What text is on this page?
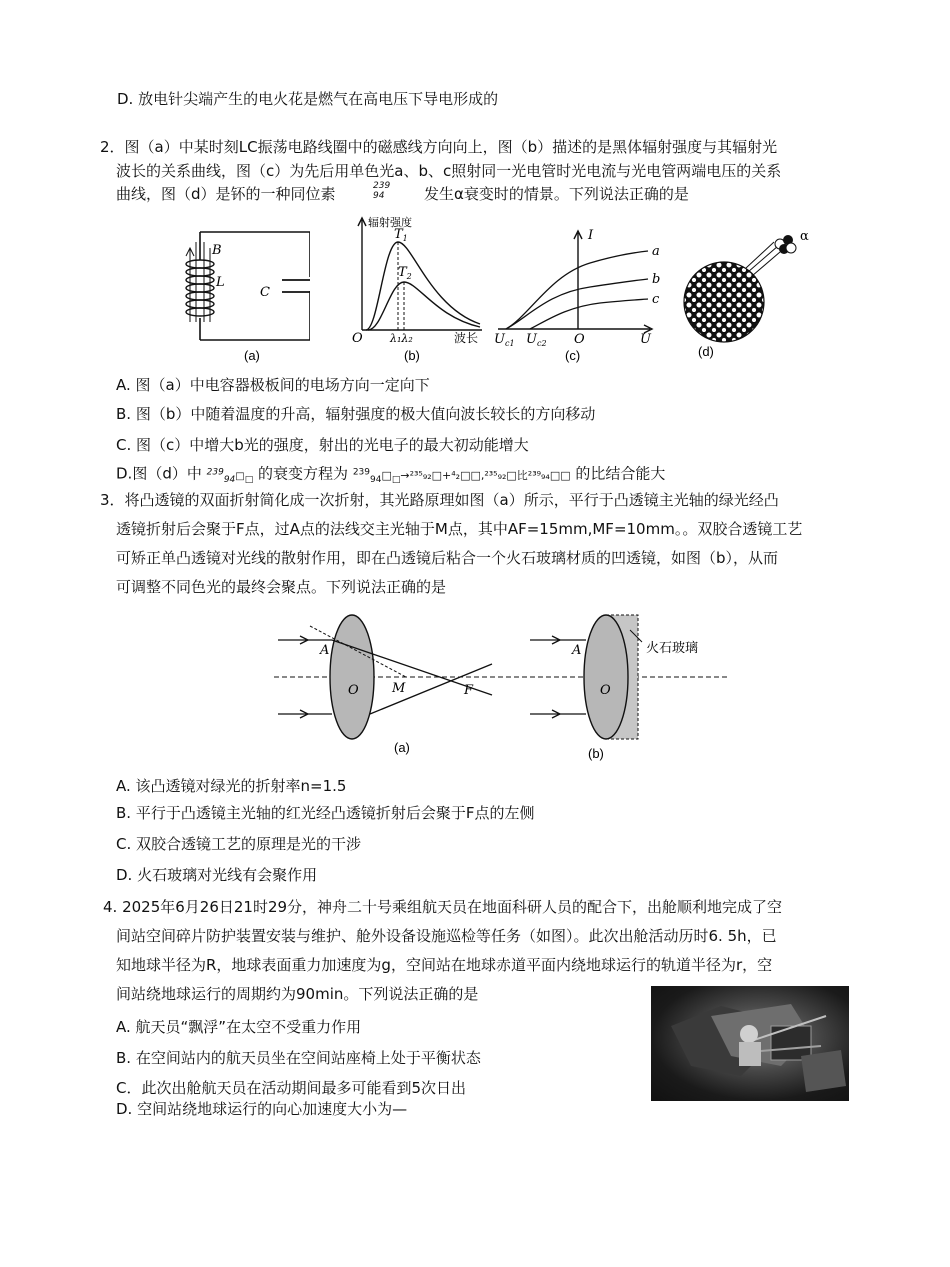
D. 放电针尖端产生的电火花是燃气在高电压下导电形成的
2．图（a）中某时刻LC振荡电路线圈中的磁感线方向向上，图（b）描述的是黑体辐射强度与其辐射光
波长的关系曲线，图（c）为先后用单色光a、b、c照射同一光电管时光电流与光电管两端电压的关系
曲线，图（d）是钚的一种同位素	239
94	发生α衰变时的情景。下列说法正确的是
B
L
C
(a)
辐射强度
$T_1$
$T_2$
O λ₁λ₂	波长
(b)
I
a
b
c
$U_{c1}$ $U_{c2}$ O	U
(c)
α
(d)
A. 图（a）中电容器极板间的电场方向一定向下
B. 图（b）中随着温度的升高，辐射强度的极大值向波长较长的方向移动
C. 图（c）中增大b光的强度，射出的光电子的最大初动能增大
D.图（d）中 23994□□ 的衰变方程为 $^{239}_{94}□_□\to^{235}_{92}□+^4_2□□,^{235}_{92}□$比²³⁹₉₄□□ 的比结合能大
3．将凸透镜的双面折射简化成一次折射，其光路原理如图（a）所示，平行于凸透镜主光轴的绿光经凸
透镜折射后会聚于F点，过A点的法线交主光轴于M点，其中AF=15mm,MF=10mm。。双胶合透镜工艺
可矫正单凸透镜对光线的散射作用，即在凸透镜后粘合一个火石玻璃材质的凹透镜，如图（b），从而
可调整不同色光的最终会聚点。下列说法正确的是
A
O	M	F
(a)
A
O
火石玻璃
(b)
A. 该凸透镜对绿光的折射率n=1.5
B. 平行于凸透镜主光轴的红光经凸透镜折射后会聚于F点的左侧
C. 双胶合透镜工艺的原理是光的干涉
D. 火石玻璃对光线有会聚作用
4. 2025年6月26日21时29分，神舟二十号乘组航天员在地面科研人员的配合下，出舱顺利地完成了空
间站空间碎片防护装置安装与维护、舱外设备设施巡检等任务（如图）。此次出舱活动历时6. 5h，已
知地球半径为R，地球表面重力加速度为g，空间站在地球赤道平面内绕地球运行的轨道半径为r，空
间站绕地球运行的周期约为90min。下列说法正确的是
A. 航天员“飘浮”在太空不受重力作用
B. 在空间站内的航天员坐在空间站座椅上处于平衡状态
C．此次出舱航天员在活动期间最多可能看到5次日出
D. 空间站绕地球运行的向心加速度大小为—
